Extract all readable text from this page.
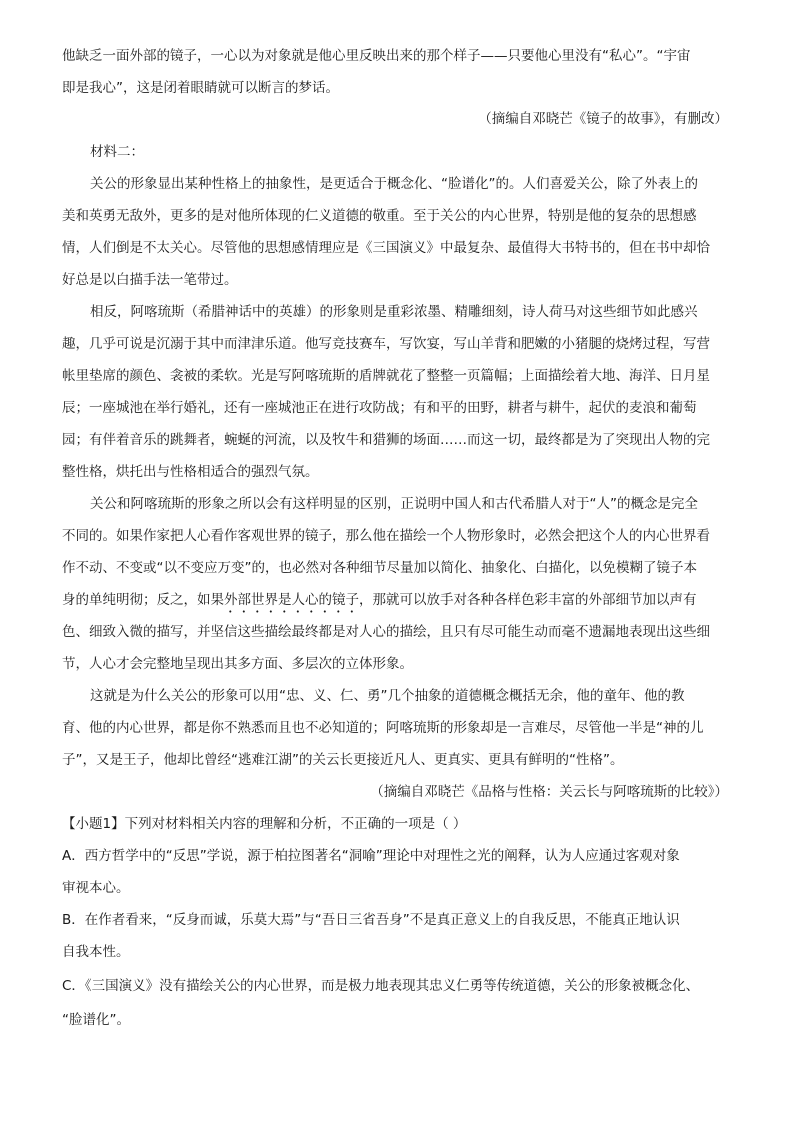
他缺乏一面外部的镜子，一心以为对象就是他心里反映出来的那个样子——只要他心里没有“私心”。“宇宙
即是我心”，这是闭着眼睛就可以断言的梦话。
（摘编自邓晓芒《镜子的故事》，有删改）
材料二：
关公的形象显出某种性格上的抽象性，是更适合于概念化、“脸谱化”的。人们喜爱关公，除了外表上的
美和英勇无敌外，更多的是对他所体现的仁义道德的敬重。至于关公的内心世界，特别是他的复杂的思想感
情，人们倒是不太关心。尽管他的思想感情理应是《三国演义》中最复杂、最值得大书特书的，但在书中却恰
好总是以白描手法一笔带过。
相反，阿喀琉斯（希腊神话中的英雄）的形象则是重彩浓墨、精雕细刻，诗人荷马对这些细节如此感兴
趣，几乎可说是沉溺于其中而津津乐道。他写竞技赛车，写饮宴，写山羊背和肥嫩的小猪腿的烧烤过程，写营
帐里垫席的颜色、衾被的柔软。光是写阿喀琉斯的盾牌就花了整整一页篇幅；上面描绘着大地、海洋、日月星
辰；一座城池在举行婚礼，还有一座城池正在进行攻防战；有和平的田野，耕者与耕牛，起伏的麦浪和葡萄
园；有伴着音乐的跳舞者，蜿蜒的河流，以及牧牛和猎狮的场面……而这一切，最终都是为了突现出人物的完
整性格，烘托出与性格相适合的强烈气氛。
关公和阿喀琉斯的形象之所以会有这样明显的区别，正说明中国人和古代希腊人对于“人”的概念是完全
不同的。如果作家把人心看作客观世界的镜子，那么他在描绘一个人物形象时，必然会把这个人的内心世界看
作不动、不变或“以不变应万变”的，也必然对各种细节尽量加以简化、抽象化、白描化，以免模糊了镜子本
身的单纯明彻；反之，如果外部世界是人心的镜子，那就可以放手对各种各样色彩丰富的外部细节加以声有
色、细致入微的描写，并坚信这些描绘最终都是对人心的描绘，且只有尽可能生动而毫不遗漏地表现出这些细
节，人心才会完整地呈现出其多方面、多层次的立体形象。
这就是为什么关公的形象可以用“忠、义、仁、勇”几个抽象的道德概念概括无余，他的童年、他的教
育、他的内心世界，都是你不熟悉而且也不必知道的；阿喀琉斯的形象却是一言难尽，尽管他一半是“神的儿
子”，又是王子，他却比曾经“逃难江湖”的关云长更接近凡人、更真实、更具有鲜明的“性格”。
（摘编自邓晓芒《品格与性格：关云长与阿喀琉斯的比较》）
【小题1】下列对材料相关内容的理解和分析，不正确的一项是（ ）
A．西方哲学中的“反思”学说，源于柏拉图著名“洞喻”理论中对理性之光的阐释，认为人应通过客观对象
审视本心。
B．在作者看来，“反身而诚，乐莫大焉”与“吾日三省吾身”不是真正意义上的自我反思，不能真正地认识
自我本性。
C．《三国演义》没有描绘关公的内心世界，而是极力地表现其忠义仁勇等传统道德，关公的形象被概念化、
“脸谱化”。
